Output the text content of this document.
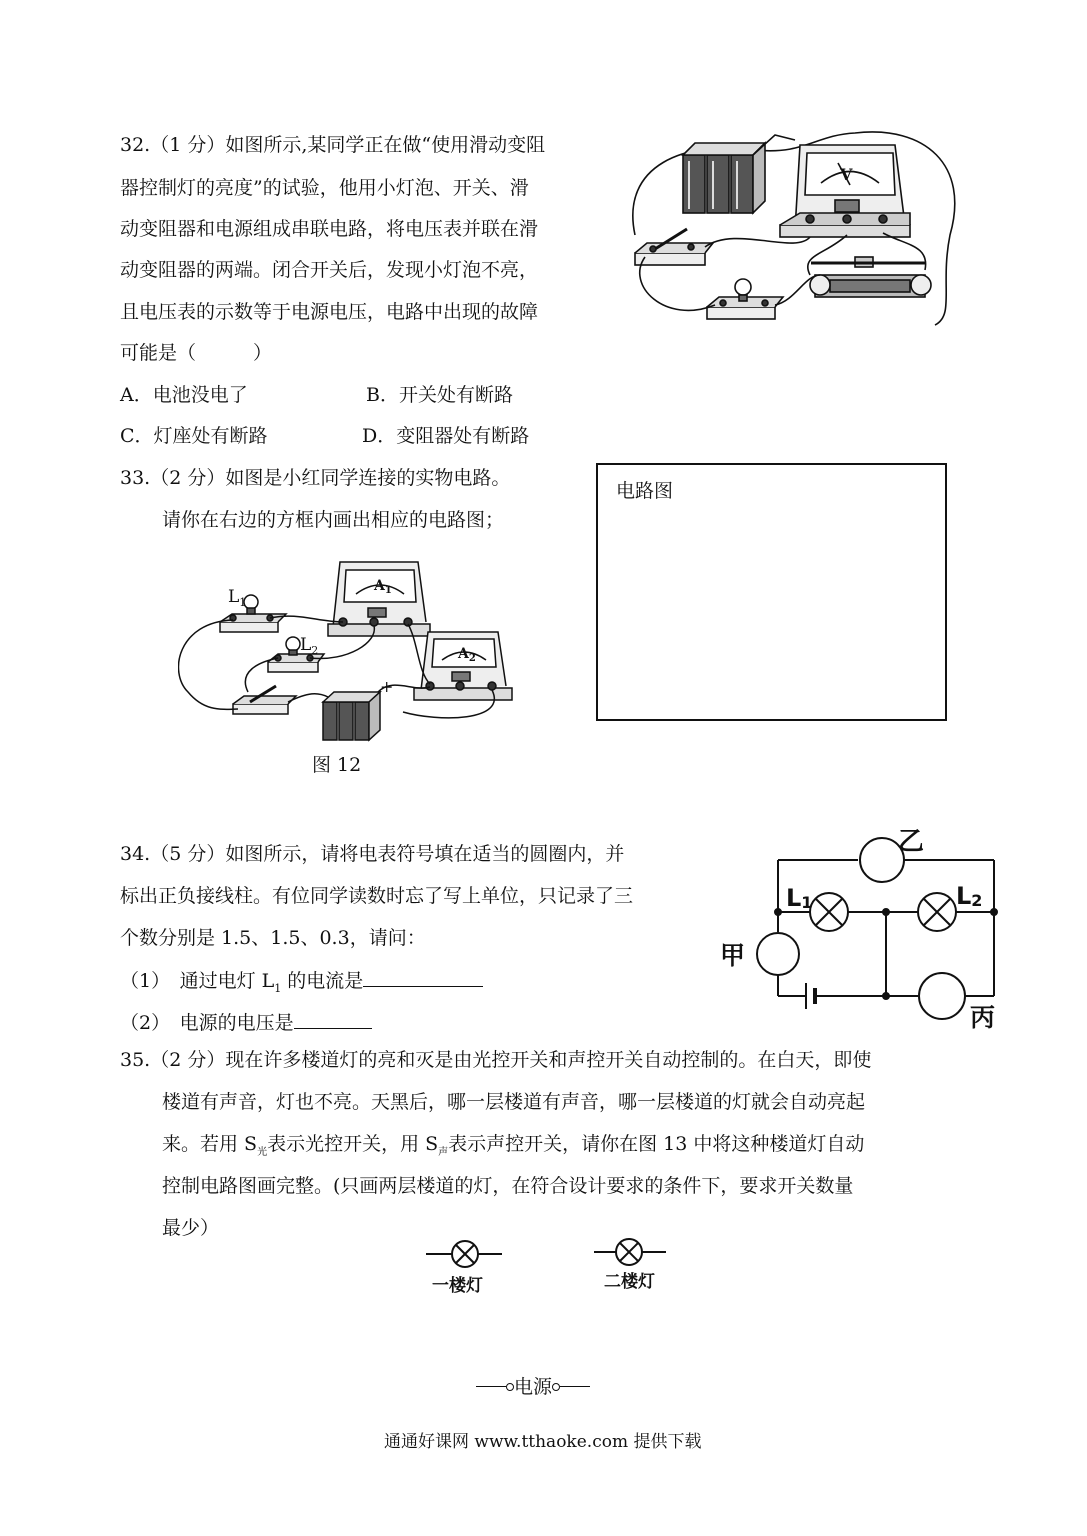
32.（1 分）如图所示,某同学正在做“使用滑动变阻
器控制灯的亮度”的试验，他用小灯泡、开关、滑
动变阻器和电源组成串联电路，将电压表并联在滑
动变阻器的两端。闭合开关后，发现小灯泡不亮，
且电压表的示数等于电源电压，电路中出现的故障
可能是（　　　）
A．电池没电了	B．开关处有断路
C．灯座处有断路	D．变阻器处有断路
V
33.（2 分）如图是小红同学连接的实物电路。
请你在右边的方框内画出相应的电路图；
电路图
$L_1$
$L_2$
$A_1$
$A_2$
+
图 12
34.（5 分）如图所示，请将电表符号填在适当的圆圈内，并
标出正负接线柱。有位同学读数时忘了写上单位，只记录了三
个数分别是 1.5、1.5、0.3，请问：
（1）　通过电灯 $L_1$ 的电流是
（2）　电源的电压是
乙
L1	L2
甲
丙
35.（2 分）现在许多楼道灯的亮和灭是由光控开关和声控开关自动控制的。在白天，即使
楼道有声音，灯也不亮。天黑后，哪一层楼道有声音，哪一层楼道的灯就会自动亮起
来。若用 $S_光$表示光控开关，用 $S_声$表示声控开关，请你在图 13 中将这种楼道灯自动
控制电路图画完整。(只画两层楼道的灯，在符合设计要求的条件下，要求开关数量
最少）
一楼灯	二楼灯
电源
通通好课网 www.tthaoke.com 提供下载
